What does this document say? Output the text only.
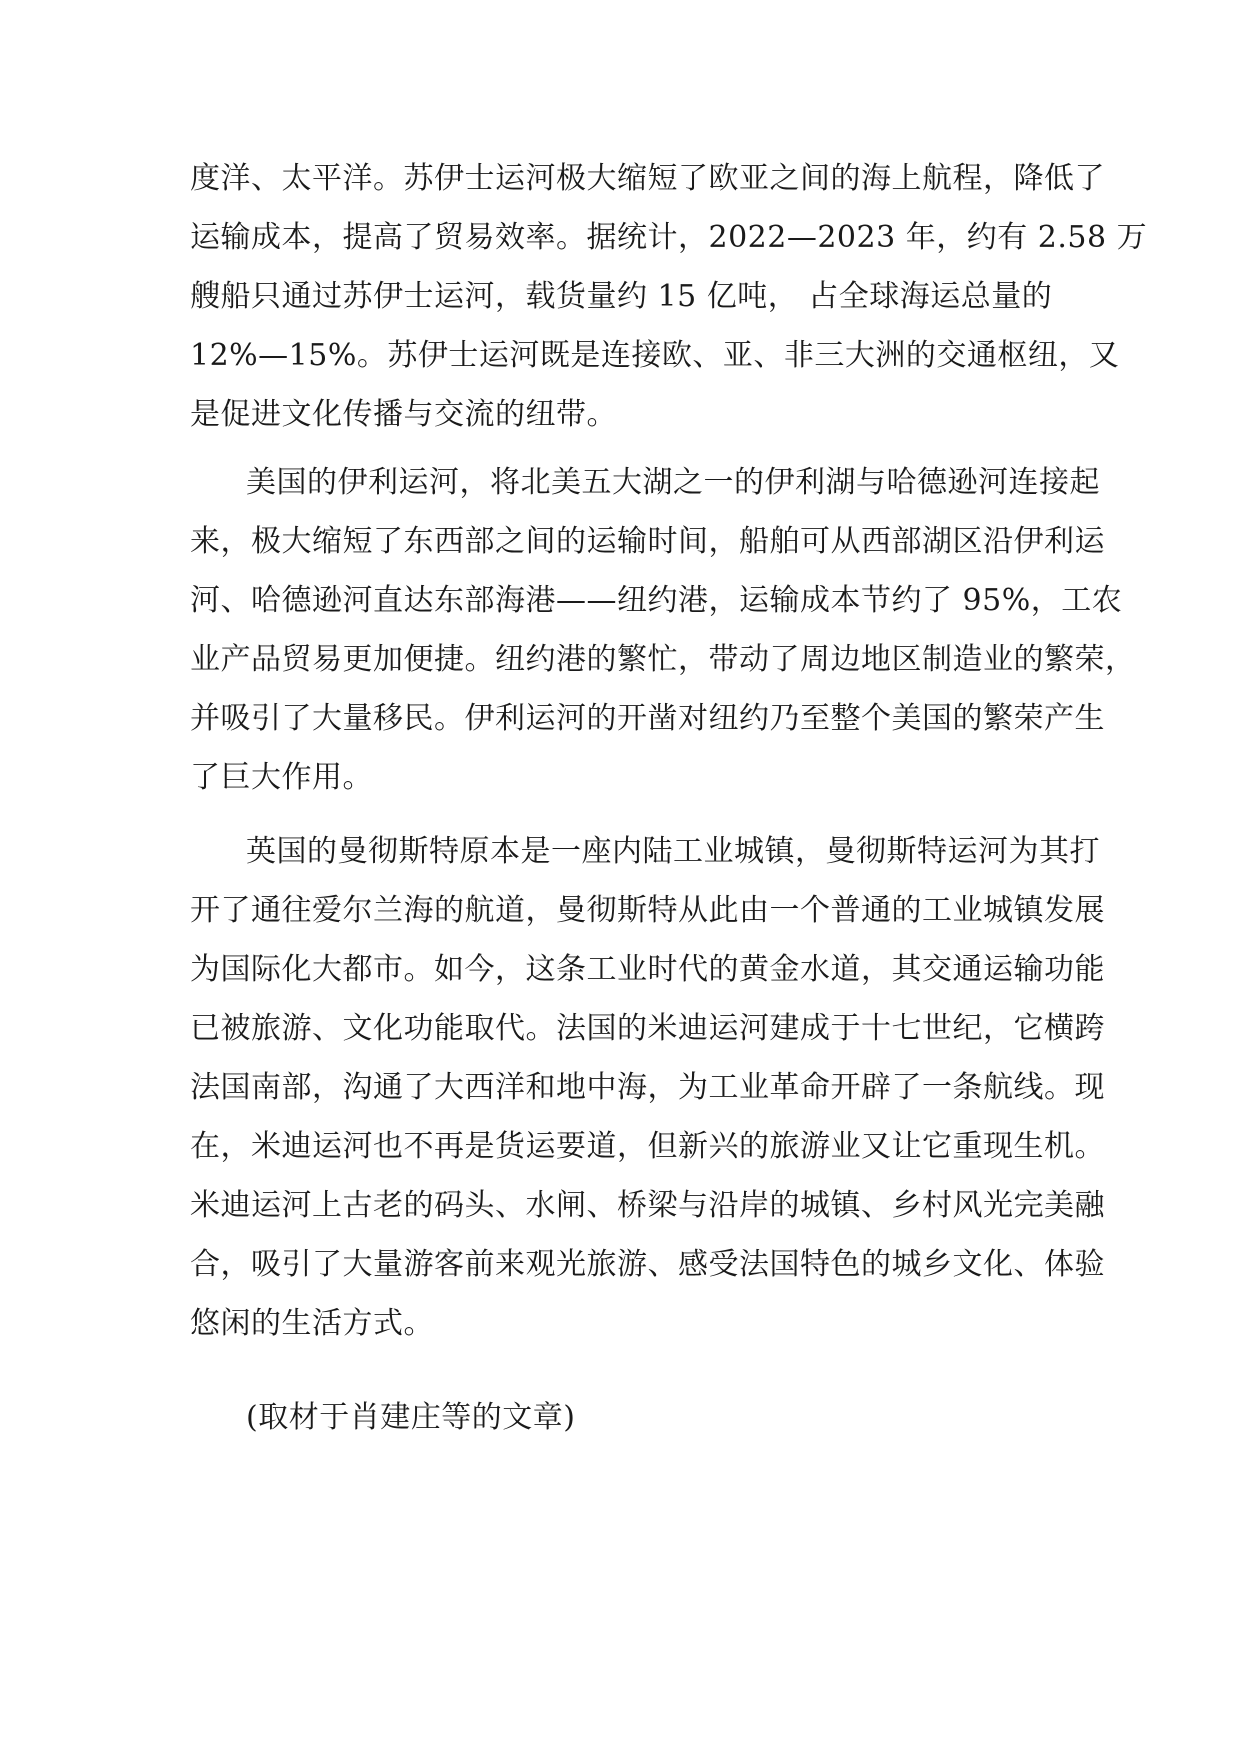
度洋、太平洋。苏伊士运河极大缩短了欧亚之间的海上航程，降低了
运输成本，提高了贸易效率。据统计，2022—2023 年，约有 2.58 万
艘船只通过苏伊士运河，载货量约 15 亿吨， 占全球海运总量的
12%—15%。苏伊士运河既是连接欧、亚、非三大洲的交通枢纽，又
是促进文化传播与交流的纽带。
美国的伊利运河，将北美五大湖之一的伊利湖与哈德逊河连接起
来，极大缩短了东西部之间的运输时间，船舶可从西部湖区沿伊利运
河、哈德逊河直达东部海港——纽约港，运输成本节约了 95%，工农
业产品贸易更加便捷。纽约港的繁忙，带动了周边地区制造业的繁荣，
并吸引了大量移民。伊利运河的开凿对纽约乃至整个美国的繁荣产生
了巨大作用。
英国的曼彻斯特原本是一座内陆工业城镇，曼彻斯特运河为其打
开了通往爱尔兰海的航道，曼彻斯特从此由一个普通的工业城镇发展
为国际化大都市。如今，这条工业时代的黄金水道，其交通运输功能
已被旅游、文化功能取代。法国的米迪运河建成于十七世纪，它横跨
法国南部，沟通了大西洋和地中海，为工业革命开辟了一条航线。现
在，米迪运河也不再是货运要道，但新兴的旅游业又让它重现生机。
米迪运河上古老的码头、水闸、桥梁与沿岸的城镇、乡村风光完美融
合，吸引了大量游客前来观光旅游、感受法国特色的城乡文化、体验
悠闲的生活方式。
(取材于肖建庄等的文章)
